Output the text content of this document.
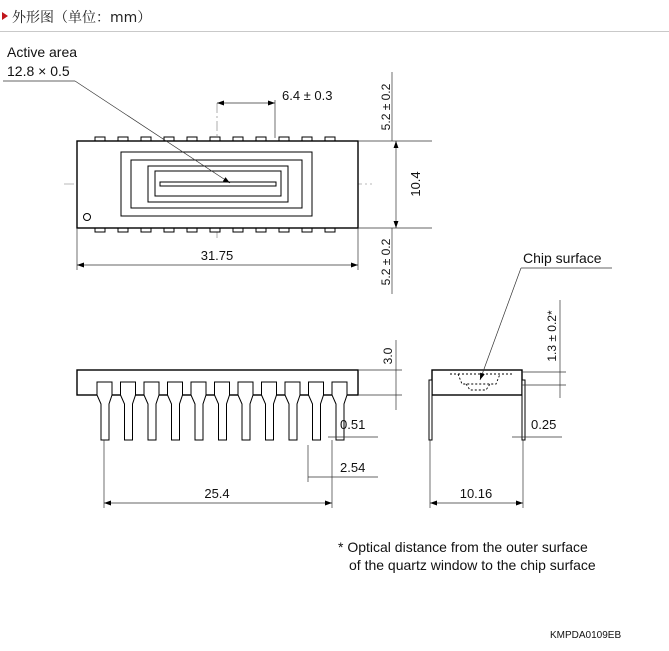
外形图（单位：mm）
Active area
12.8 × 0.5
6.4 ± 0.3
10.4
5.2 ± 0.2
5.2 ± 0.2
31.75
3.0
0.51
2.54
25.4
Chip surface
1.3 ± 0.2*
0.25
10.16
* Optical distance from the outer surface
of the quartz window to the chip surface
KMPDA0109EB
